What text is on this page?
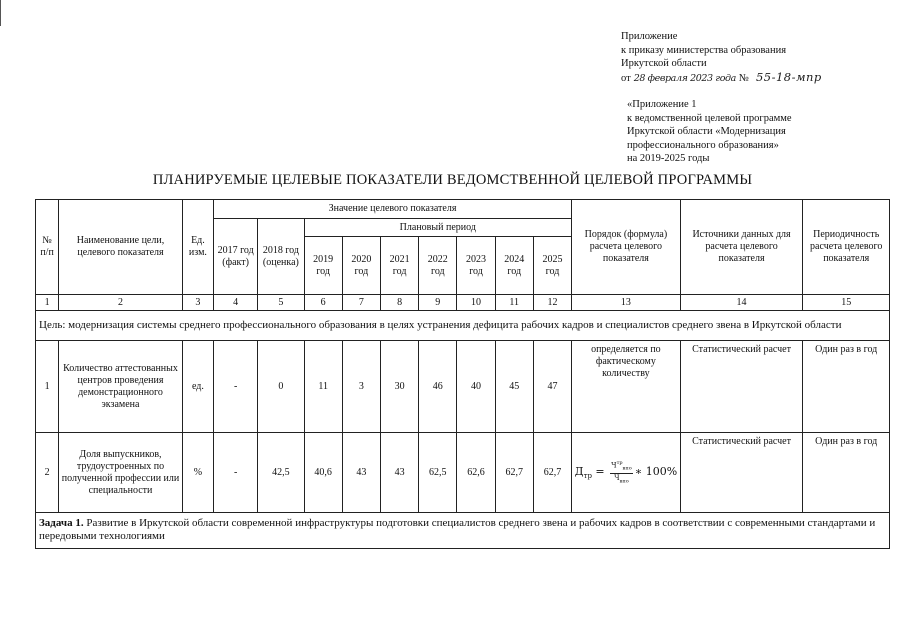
Приложение
к приказу министерства образования
Иркутской области
от 28 февраля 2023 года № 55-18-мпр
«Приложение 1
к ведомственной целевой программе
Иркутской области «Модернизация
профессионального образования»
на 2019-2025 годы
ПЛАНИРУЕМЫЕ ЦЕЛЕВЫЕ ПОКАЗАТЕЛИ ВЕДОМСТВЕННОЙ ЦЕЛЕВОЙ ПРОГРАММЫ
№ п/п	Наименование цели, целевого показателя	Ед. изм.	Значение целевого показателя									Порядок (формула) расчета целевого показателя	Источники данных для расчета целевого показателя	Периодичность расчета целевого показателя
			2017 год (факт)	2018 год (оценка)	Плановый период									
					2019 год	2020 год	2021 год	2022 год	2023 год	2024 год	2025 год			
1	2	3	4	5	6	7	8	9	10	11	12	13	14	15
Цель: модернизация системы среднего профессионального образования в целях устранения дефицита рабочих кадров и специалистов среднего звена в Иркутской области														
1	Количество аттестованных центров проведения демонстрационного экзамена	ед.	-	0	11	3	30	46	40	45	47	определяется по фактическому количеству	Статистический расчет	Один раз в год
2	Доля выпускников, трудоустроенных по полученной профессии или специальности	%	-	42,5	40,6	43	43	62,5	62,6	62,7	62,7	$Д_{тр} = \frac{Ч^{тр}_{впо}}{Ч_{впо}}$ ∗ 100%	Статистический расчет	Один раз в год
Задача 1. Развитие в Иркутской области современной инфраструктуры подготовки специалистов среднего звена и рабочих кадров в соответствии с современными стандартами и передовыми технологиями														
